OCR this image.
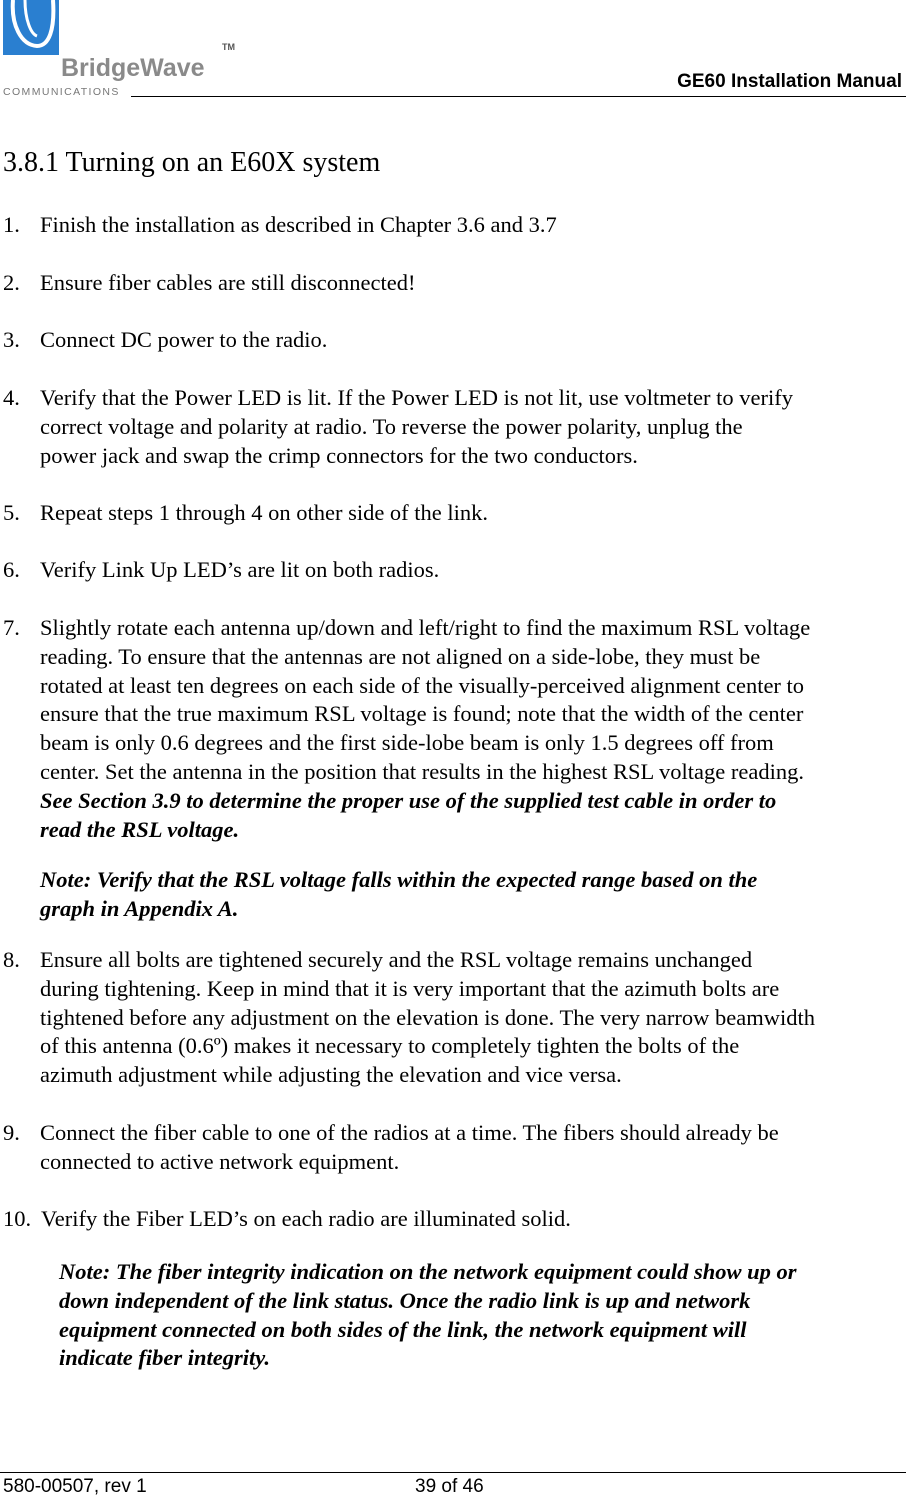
BridgeWave
TM
COMMUNICATIONS	GE60 Installation Manual
3.8.1 Turning on an E60X system
1. Finish the installation as described in Chapter 3.6 and 3.7
2. Ensure fiber cables are still disconnected!
3. Connect DC power to the radio.
4. Verify that the Power LED is lit. If the Power LED is not lit, use voltmeter to verify
correct voltage and polarity at radio. To reverse the power polarity, unplug the
power jack and swap the crimp connectors for the two conductors.
5. Repeat steps 1 through 4 on other side of the link.
6. Verify Link Up LED’s are lit on both radios.
7. Slightly rotate each antenna up/down and left/right to find the maximum RSL voltage
reading. To ensure that the antennas are not aligned on a side-lobe, they must be
rotated at least ten degrees on each side of the visually-perceived alignment center to
ensure that the true maximum RSL voltage is found; note that the width of the center
beam is only 0.6 degrees and the first side-lobe beam is only 1.5 degrees off from
center. Set the antenna in the position that results in the highest RSL voltage reading.
See Section 3.9 to determine the proper use of the supplied test cable in order to
read the RSL voltage.
Note: Verify that the RSL voltage falls within the expected range based on the
graph in Appendix A.
8. Ensure all bolts are tightened securely and the RSL voltage remains unchanged
during tightening. Keep in mind that it is very important that the azimuth bolts are
tightened before any adjustment on the elevation is done. The very narrow beamwidth
of this antenna (0.6º) makes it necessary to completely tighten the bolts of the
azimuth adjustment while adjusting the elevation and vice versa.
9. Connect the fiber cable to one of the radios at a time. The fibers should already be
connected to active network equipment.
10. Verify the Fiber LED’s on each radio are illuminated solid.
Note: The fiber integrity indication on the network equipment could show up or
down independent of the link status. Once the radio link is up and network
equipment connected on both sides of the link, the network equipment will
indicate fiber integrity.
580-00507, rev 1	39 of 46
